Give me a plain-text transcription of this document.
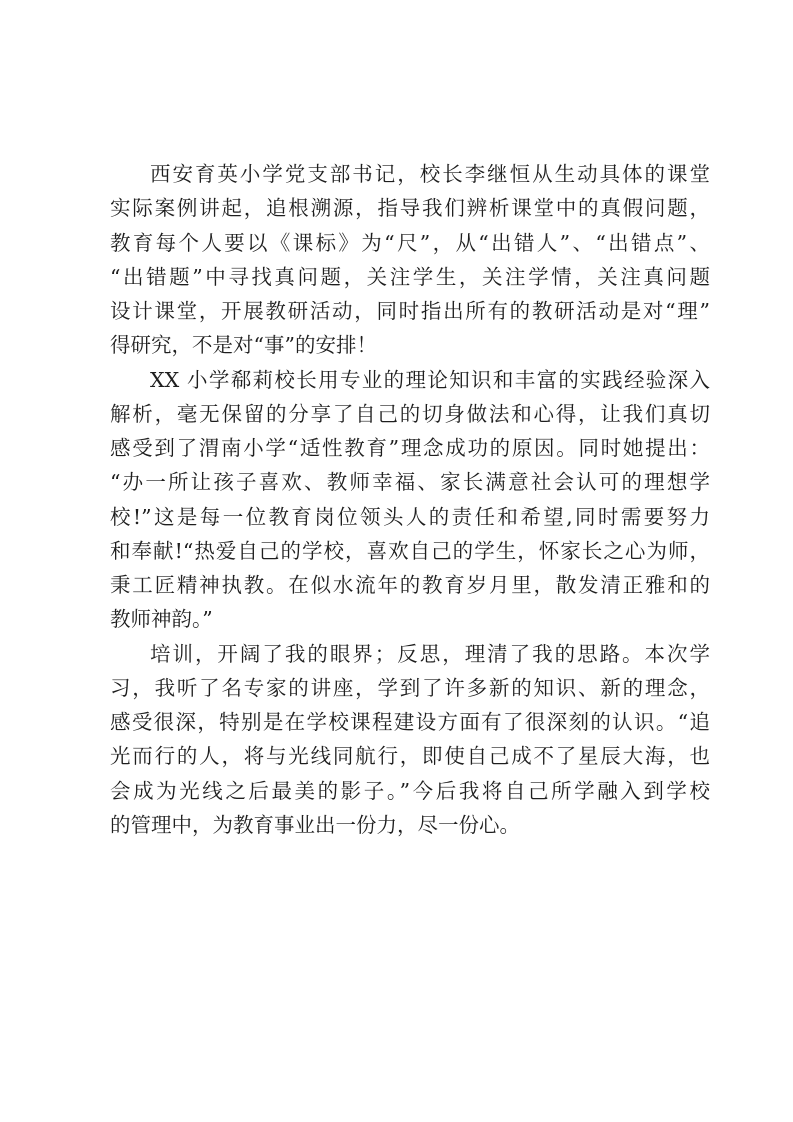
西安育英小学党支部书记，校长李继恒从生动具体的课堂

实际案例讲起，追根溯源，指导我们辨析课堂中的真假问题，

教育每个人要以《课标》为“尺”，从“出错人”、“出错点”、

“出错题”中寻找真问题，关注学生，关注学情，关注真问题

设计课堂，开展教研活动，同时指出所有的教研活动是对“理”

得研究，不是对“事”的安排！

XX 小学郗莉校长用专业的理论知识和丰富的实践经验深入

解析，毫无保留的分享了自己的切身做法和心得，让我们真切

感受到了渭南小学“适性教育”理念成功的原因。同时她提出：

“办一所让孩子喜欢、教师幸福、家长满意社会认可的理想学

校!”这是每一位教育岗位领头人的责任和希望,同时需要努力

和奉献!“热爱自己的学校，喜欢自己的学生，怀家长之心为师，

秉工匠精神执教。在似水流年的教育岁月里，散发清正雅和的

教师神韵。”

培训，开阔了我的眼界；反思，理清了我的思路。本次学

习，我听了名专家的讲座，学到了许多新的知识、新的理念，

感受很深，特别是在学校课程建设方面有了很深刻的认识。“追

光而行的人，将与光线同航行，即使自己成不了星辰大海，也

会成为光线之后最美的影子。”今后我将自己所学融入到学校

的管理中，为教育事业出一份力，尽一份心。
